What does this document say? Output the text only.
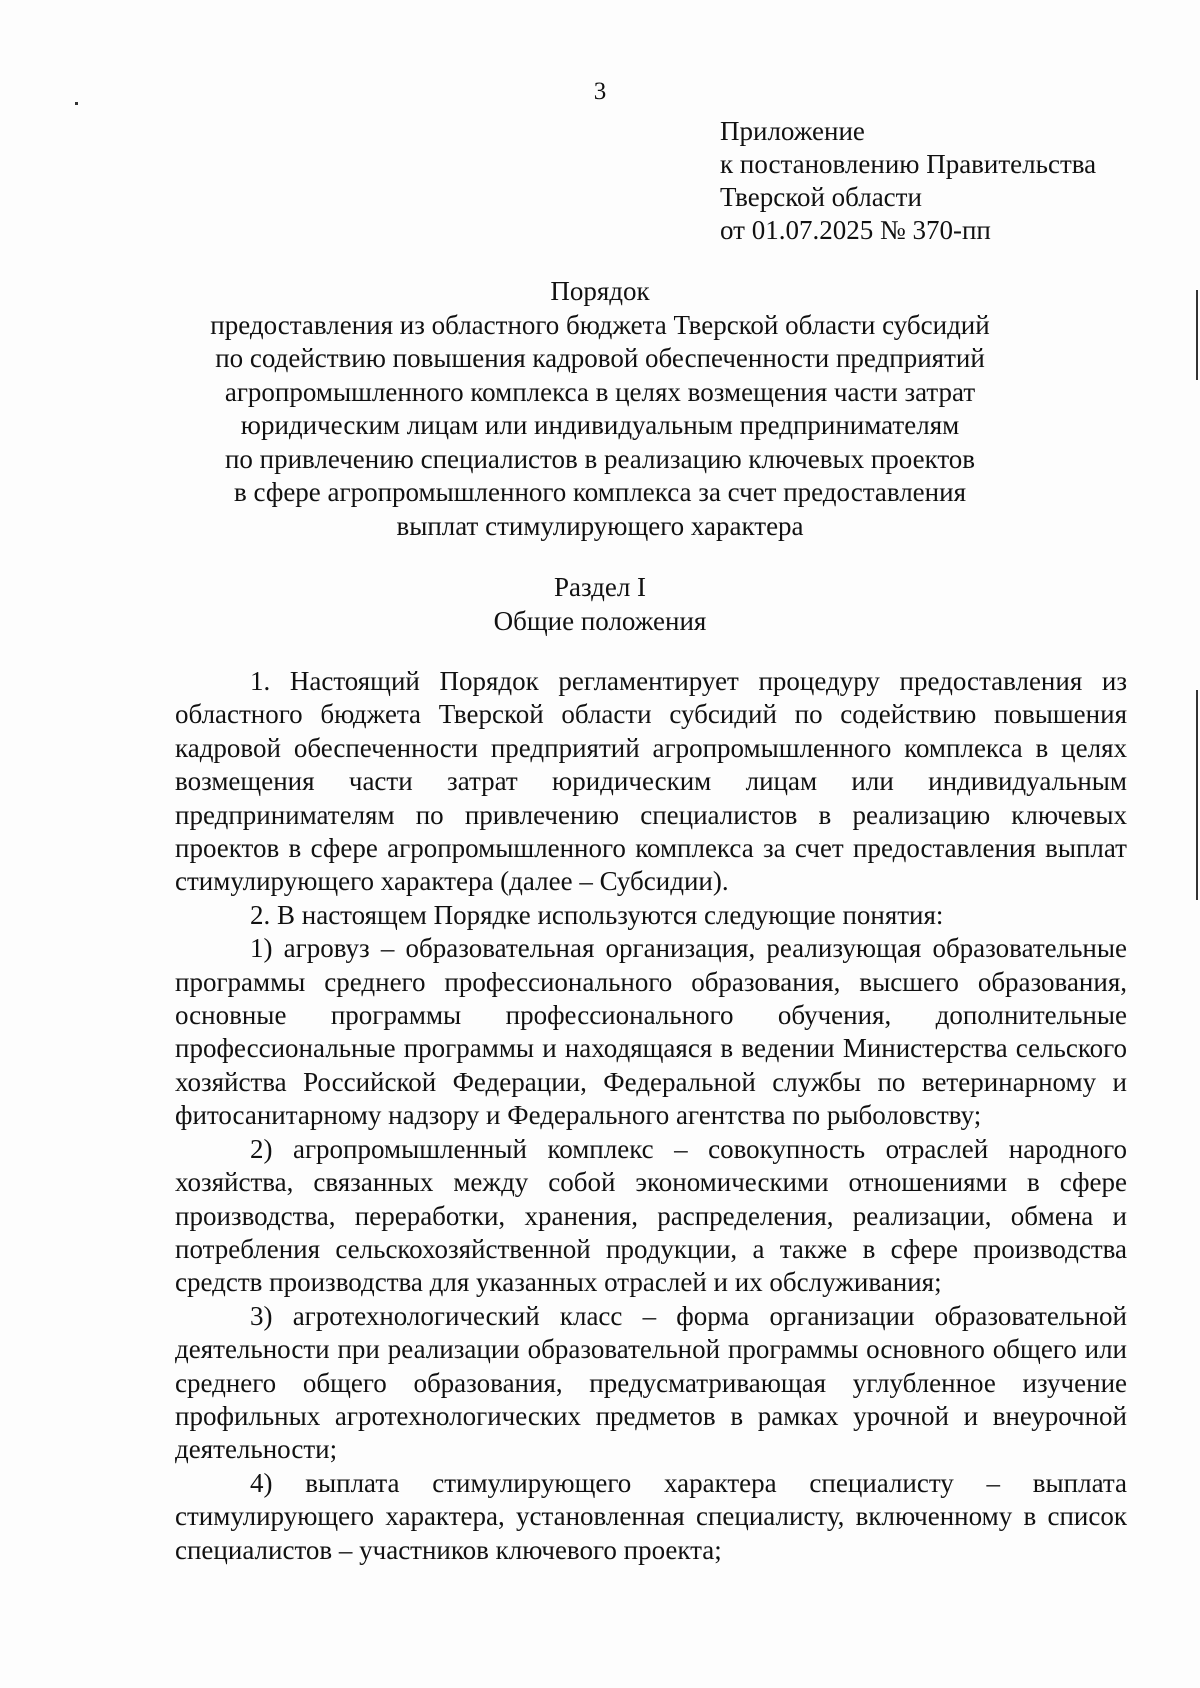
3
Приложение
к постановлению Правительства
Тверской области
от 01.07.2025 № 370-пп
Порядок
предоставления из областного бюджета Тверской области субсидий
по содействию повышения кадровой обеспеченности предприятий
агропромышленного комплекса в целях возмещения части затрат
юридическим лицам или индивидуальным предпринимателям
по привлечению специалистов в реализацию ключевых проектов
в сфере агропромышленного комплекса за счет предоставления
выплат стимулирующего характера
Раздел I
Общие положения

1. Настоящий Порядок регламентирует процедуру предоставления из областного бюджета Тверской области субсидий по содействию повышения кадровой обеспеченности предприятий агропромышленного комплекса в целях возмещения части затрат юридическим лицам или индивидуальным предпринимателям по привлечению специалистов в реализацию ключевых проектов в сфере агропромышленного комплекса за счет предоставления выплат стимулирующего характера (далее – Субсидии).

2. В настоящем Порядке используются следующие понятия:

1) агровуз – образовательная организация, реализующая образовательные программы среднего профессионального образования, высшего образования, основные программы профессионального обучения, дополнительные профессиональные программы и находящаяся в ведении Министерства сельского хозяйства Российской Федерации, Федеральной службы по ветеринарному и фитосанитарному надзору и Федерального агентства по рыболовству;

2) агропромышленный комплекс – совокупность отраслей народного хозяйства, связанных между собой экономическими отношениями в сфере производства, переработки, хранения, распределения, реализации, обмена и потребления сельскохозяйственной продукции, а также в сфере производства средств производства для указанных отраслей и их обслуживания;

3) агротехнологический класс – форма организации образовательной деятельности при реализации образовательной программы основного общего или среднего общего образования, предусматривающая углубленное изучение профильных агротехнологических предметов в рамках урочной и внеурочной деятельности;

4) выплата стимулирующего характера специалисту – выплата стимулирующего характера, установленная специалисту, включенному в список специалистов – участников ключевого проекта;
